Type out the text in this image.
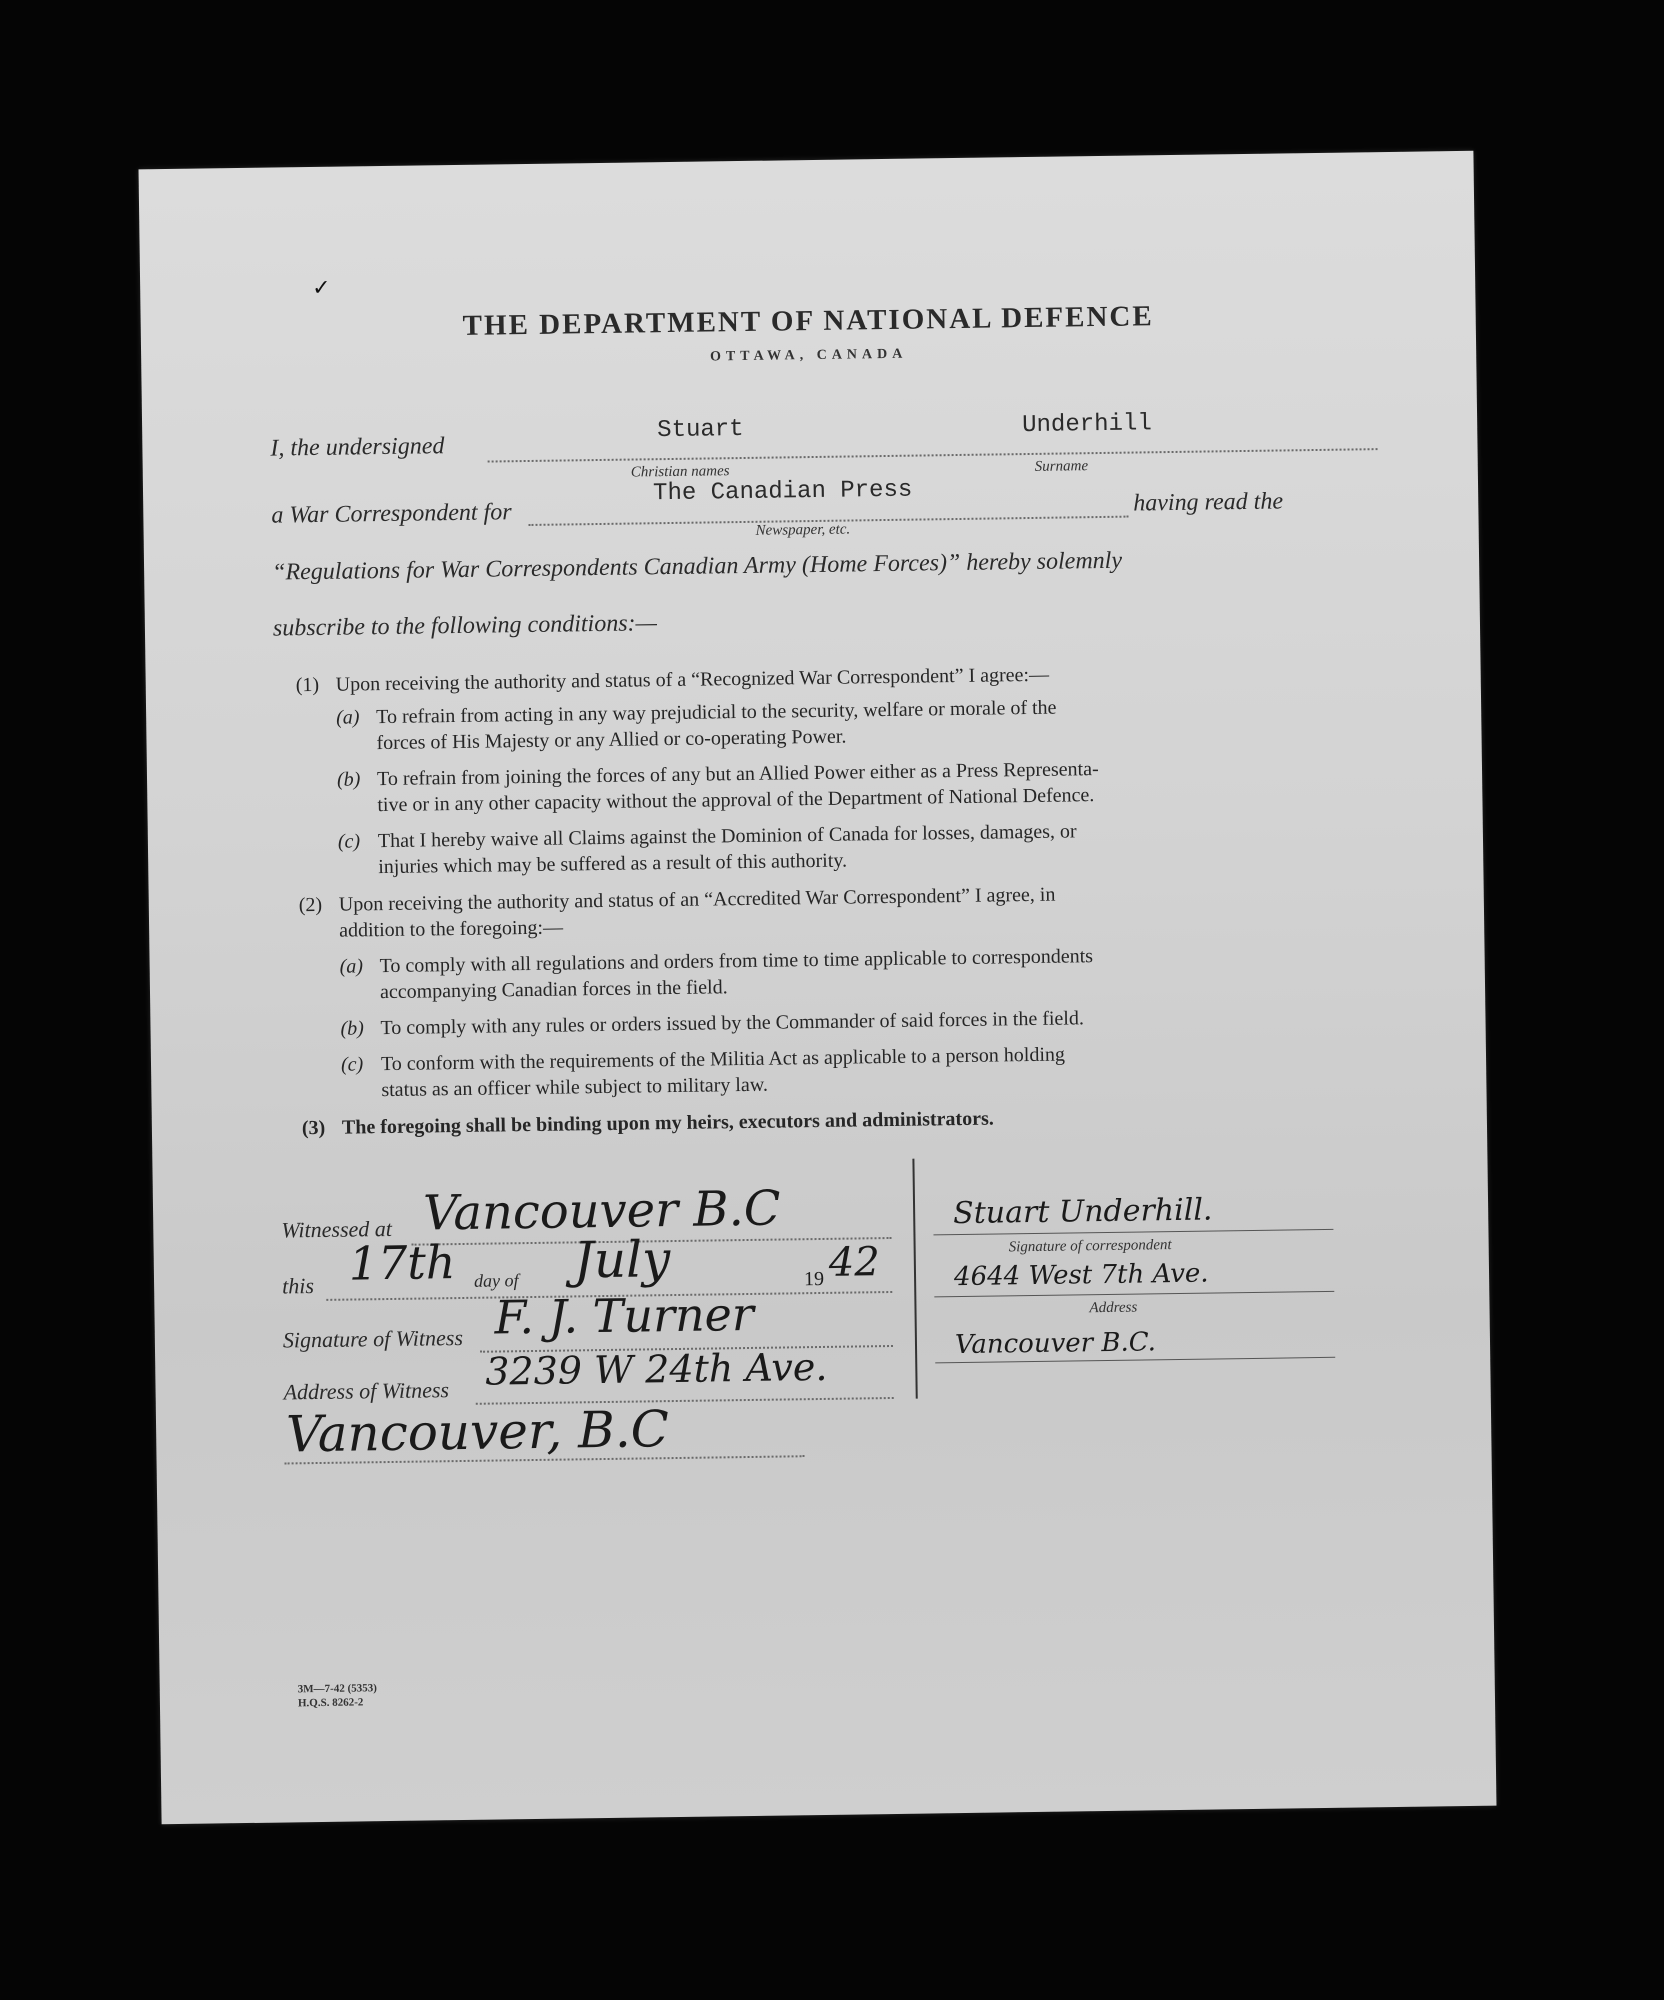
✓
THE DEPARTMENT OF NATIONAL DEFENCE
OTTAWA, CANADA
I, the undersigned
Stuart	Underhill
Christian names	Surname
a War Correspondent for
The Canadian Press
Newspaper, etc.
having read the
“Regulations for War Correspondents Canadian Army (Home Forces)” hereby solemnly
subscribe to the following conditions:—
(1) Upon receiving the authority and status of a “Recognized War Correspondent” I agree:—
(a) To refrain from acting in any way prejudicial to the security, welfare or morale of the
forces of His Majesty or any Allied or co-operating Power.
(b) To refrain from joining the forces of any but an Allied Power either as a Press Representa-
tive or in any other capacity without the approval of the Department of National Defence.
(c) That I hereby waive all Claims against the Dominion of Canada for losses, damages, or
injuries which may be suffered as a result of this authority.
(2) Upon receiving the authority and status of an “Accredited War Correspondent” I agree, in
addition to the foregoing:—
(a) To comply with all regulations and orders from time to time applicable to correspondents
accompanying Canadian forces in the field.
(b) To comply with any rules or orders issued by the Commander of said forces in the field.
(c) To conform with the requirements of the Militia Act as applicable to a person holding
status as an officer while subject to military law.
(3) The foregoing shall be binding upon my heirs, executors and administrators.
Witnessed at Vancouver B.C
this 17th day of July	19 42
Signature of Witness F. J. Turner
Address of Witness 3239 W 24th Ave.
Vancouver, B.C
Stuart Underhill.
Signature of correspondent
4644 West 7th Ave.
Address
Vancouver B.C.
3M—7-42 (5353)
H.Q.S. 8262-2
